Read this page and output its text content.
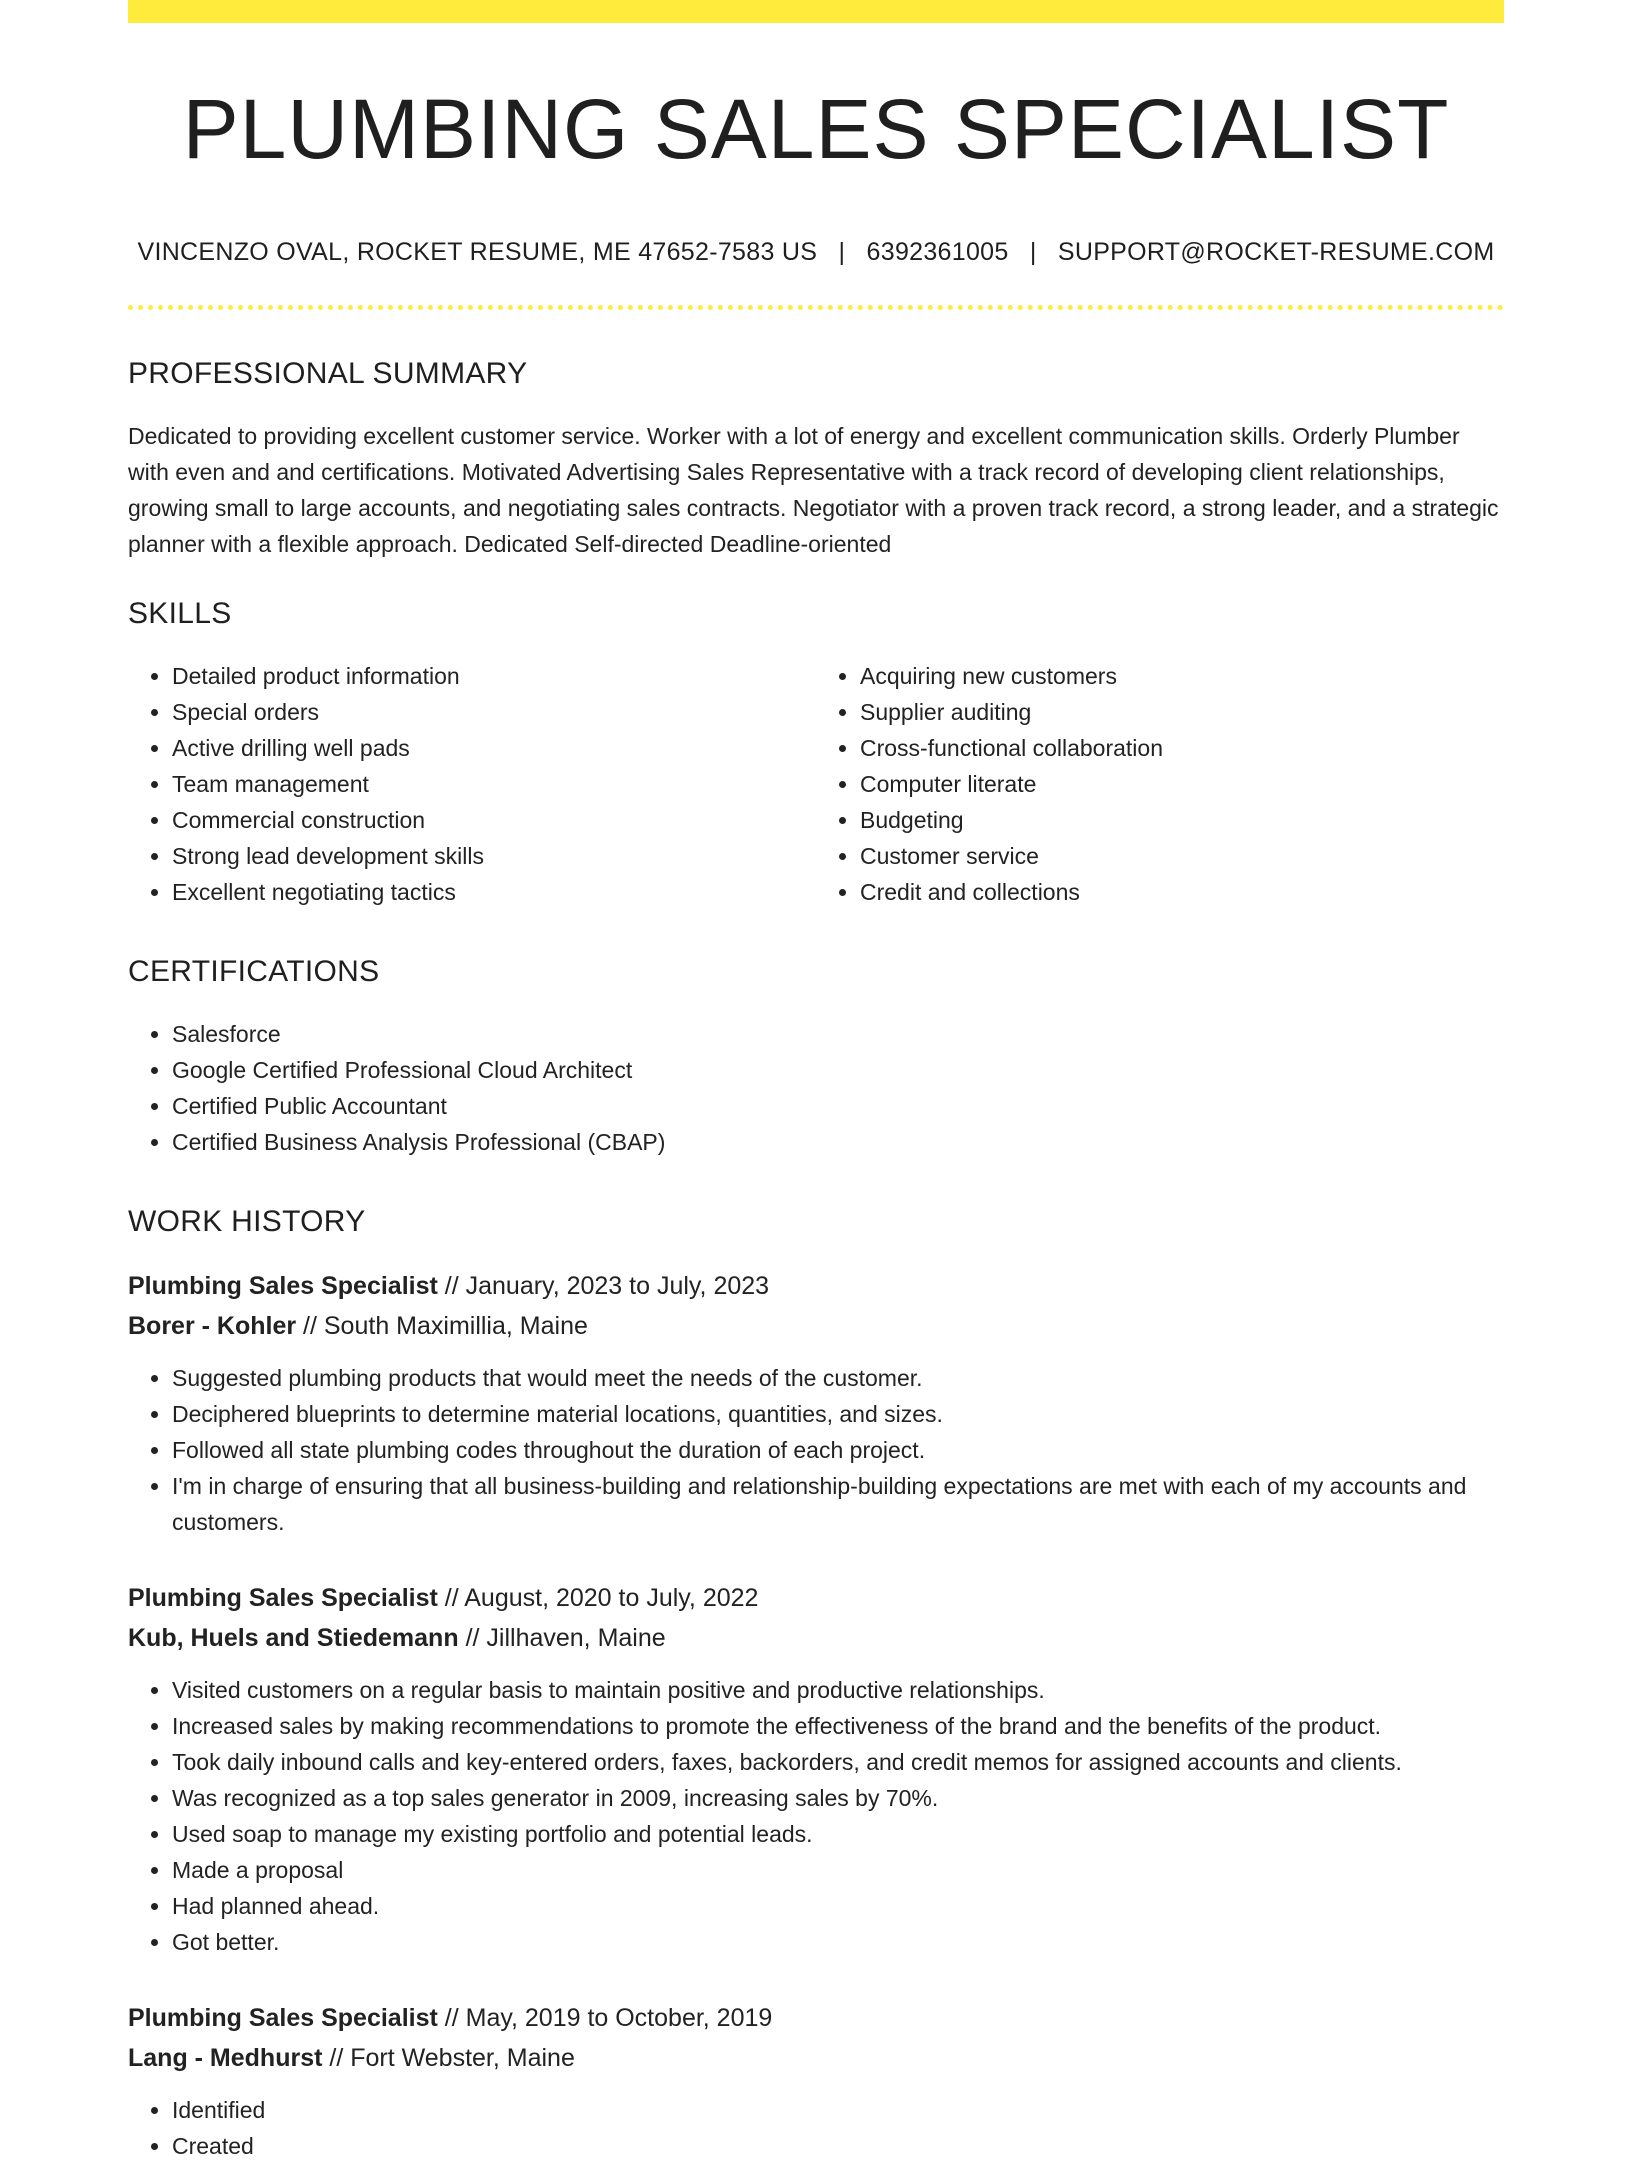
PLUMBING SALES SPECIALIST
VINCENZO OVAL, ROCKET RESUME, ME 47652-7583 US | 6392361005 | SUPPORT@ROCKET-RESUME.COM
PROFESSIONAL SUMMARY

Dedicated to providing excellent customer service. Worker with a lot of energy and excellent communication skills. Orderly Plumber with even and and certifications. Motivated Advertising Sales Representative with a track record of developing client relationships, growing small to large accounts, and negotiating sales contracts. Negotiator with a proven track record, a strong leader, and a strategic planner with a flexible approach. Dedicated Self-directed Deadline-oriented

SKILLS
• Detailed product information
• Special orders
• Active drilling well pads
• Team management
• Commercial construction
• Strong lead development skills
• Excellent negotiating tactics
• Acquiring new customers
• Supplier auditing
• Cross-functional collaboration
• Computer literate
• Budgeting
• Customer service
• Credit and collections
CERTIFICATIONS
• Salesforce
• Google Certified Professional Cloud Architect
• Certified Public Accountant
• Certified Business Analysis Professional (CBAP)
WORK HISTORY
Plumbing Sales Specialist // January, 2023 to July, 2023
Borer - Kohler // South Maximillia, Maine
• Suggested plumbing products that would meet the needs of the customer.
• Deciphered blueprints to determine material locations, quantities, and sizes.
• Followed all state plumbing codes throughout the duration of each project.
• I'm in charge of ensuring that all business-building and relationship-building expectations are met with each of my accounts and customers.
Plumbing Sales Specialist // August, 2020 to July, 2022
Kub, Huels and Stiedemann // Jillhaven, Maine
• Visited customers on a regular basis to maintain positive and productive relationships.
• Increased sales by making recommendations to promote the effectiveness of the brand and the benefits of the product.
• Took daily inbound calls and key-entered orders, faxes, backorders, and credit memos for assigned accounts and clients.
• Was recognized as a top sales generator in 2009, increasing sales by 70%.
• Used soap to manage my existing portfolio and potential leads.
• Made a proposal
• Had planned ahead.
• Got better.
Plumbing Sales Specialist // May, 2019 to October, 2019
Lang - Medhurst // Fort Webster, Maine
• Identified
• Created
